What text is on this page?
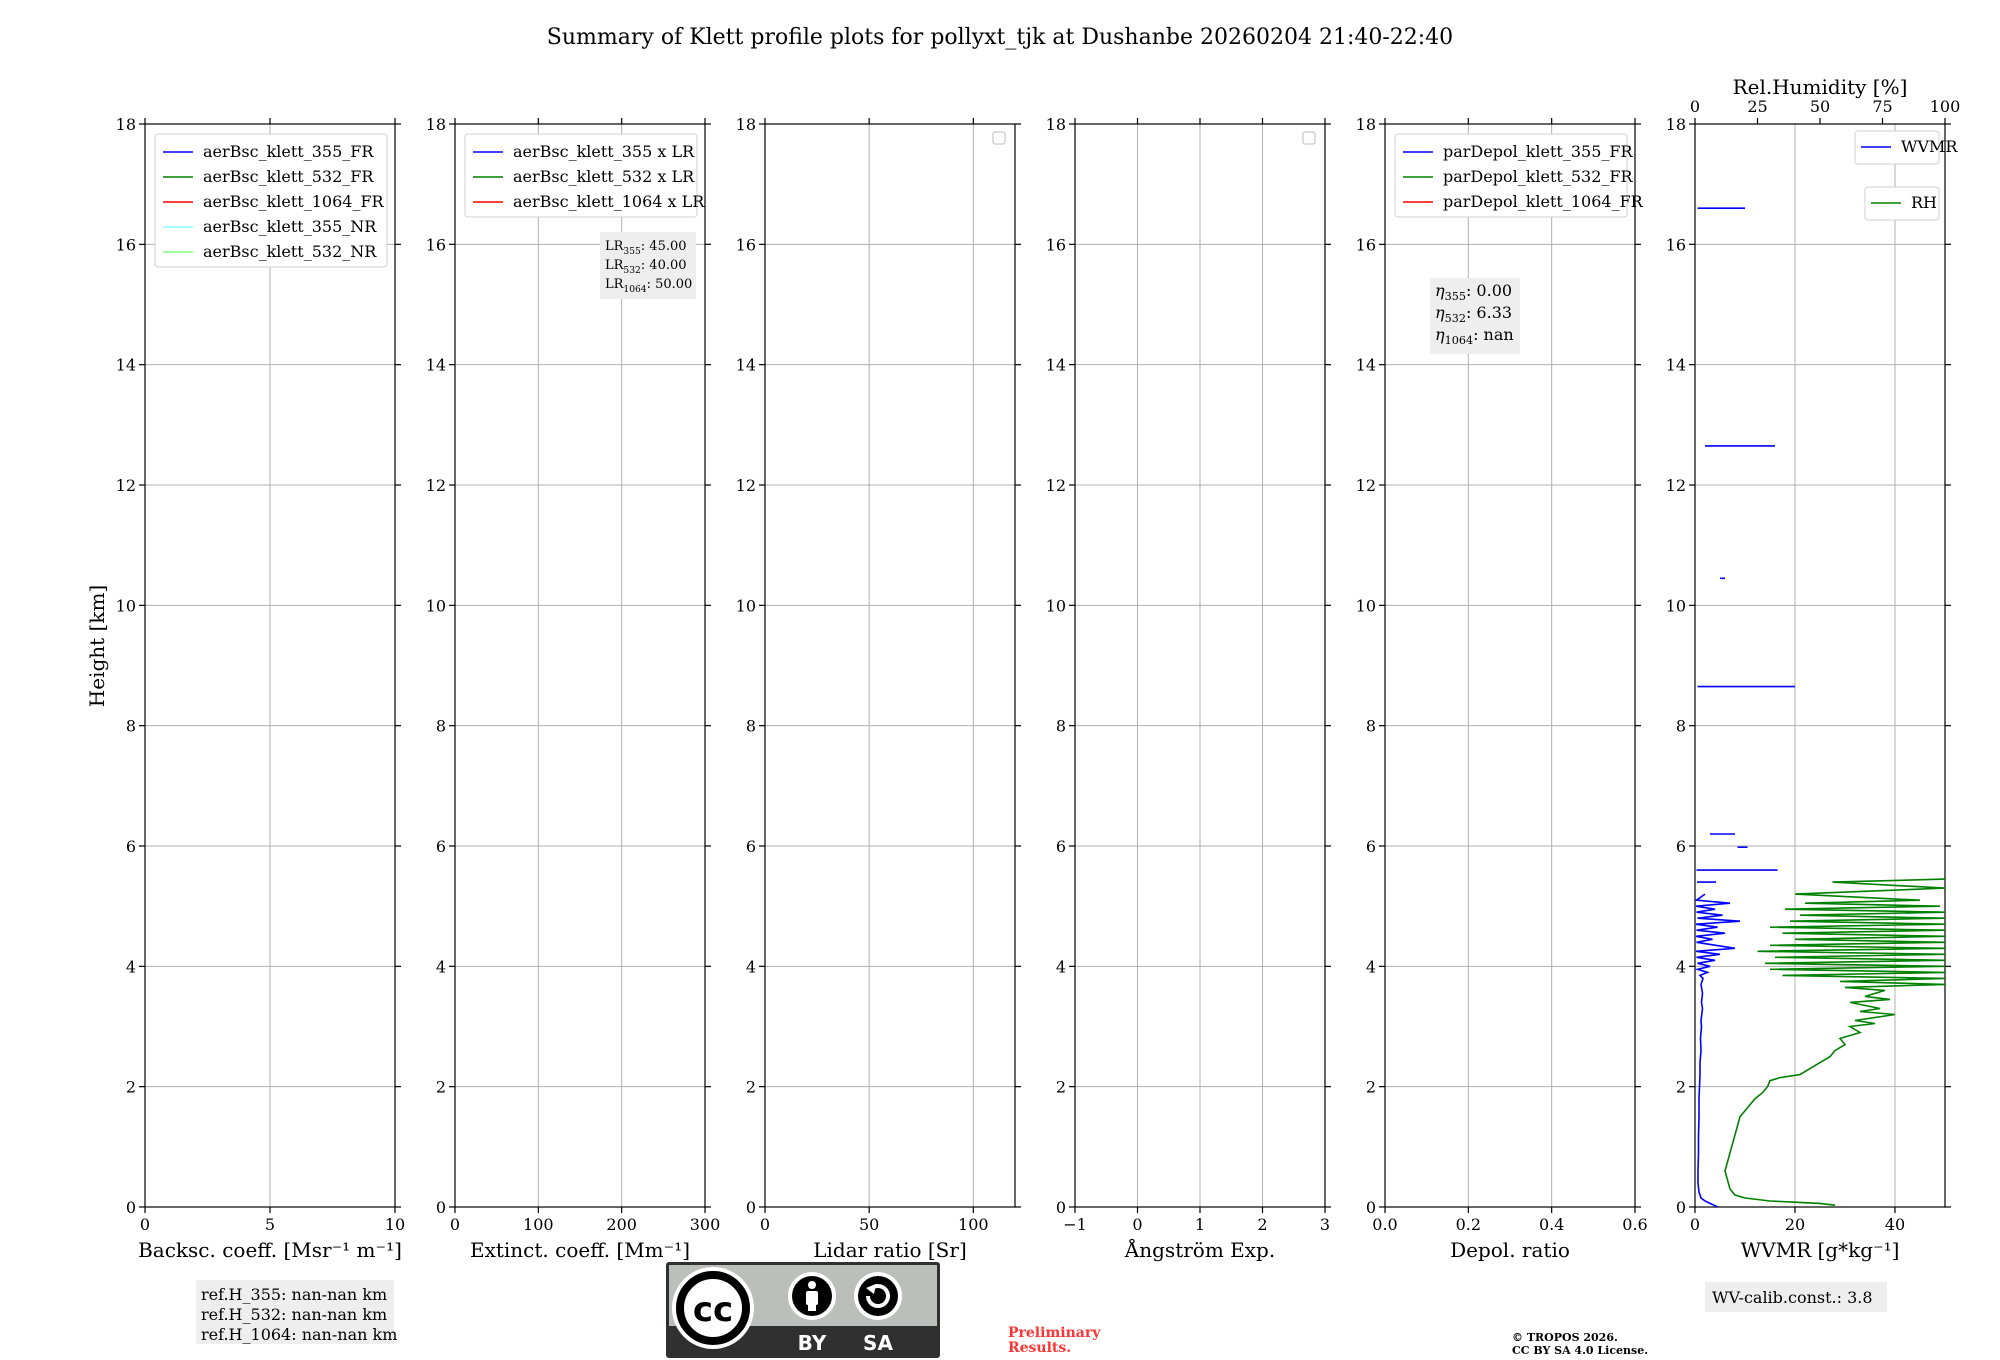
Summary of Klett profile plots for pollyxt_tjk at Dushanbe 20260204 21:40-22:40
Height [km]
0
2
4
6
8
10
12
14
16
18
0	5	10
Backsc. coeff. [Msr⁻¹ m⁻¹]
aerBsc_klett_355_FR
aerBsc_klett_532_FR
aerBsc_klett_1064_FR
aerBsc_klett_355_NR
aerBsc_klett_532_NR
0
2
4
6
8
10
12
14
16
18
0	100	200	300
Extinct. coeff. [Mm⁻¹]
aerBsc_klett_355 x LR
aerBsc_klett_532 x LR
aerBsc_klett_1064 x LR
$LR_{355}$: 45.00
$LR_{532}$: 40.00
$LR_{1064}$: 50.00
0
2
4
6
8
10
12
14
16
18
0	50	100
Lidar ratio [Sr]
0
2
4
6
8
10
12
14
16
18
−1	0	1	2	3
Ångström Exp.
0
2
4
6
8
10
12
14
16
18
0.0	0.2	0.4	0.6
Depol. ratio
parDepol_klett_355_FR
parDepol_klett_532_FR
parDepol_klett_1064_FR
$\eta_{355}$: 0.00
$\eta_{532}$: 6.33
$\eta_{1064}$: nan
0
2
4
6
8
10
12
14
16
18
0	20	40
WVMR [g*kg⁻¹]
0	25	50	75 100
Rel.Humidity [%]
WVMR
RH
WV-calib.const.: 3.8
ref.H_355: nan-nan km
ref.H_532: nan-nan km
ref.H_1064: nan-nan km
cc
BY SA	Preliminary
Results.
© TROPOS 2026.
CC BY SA 4.0 License.
